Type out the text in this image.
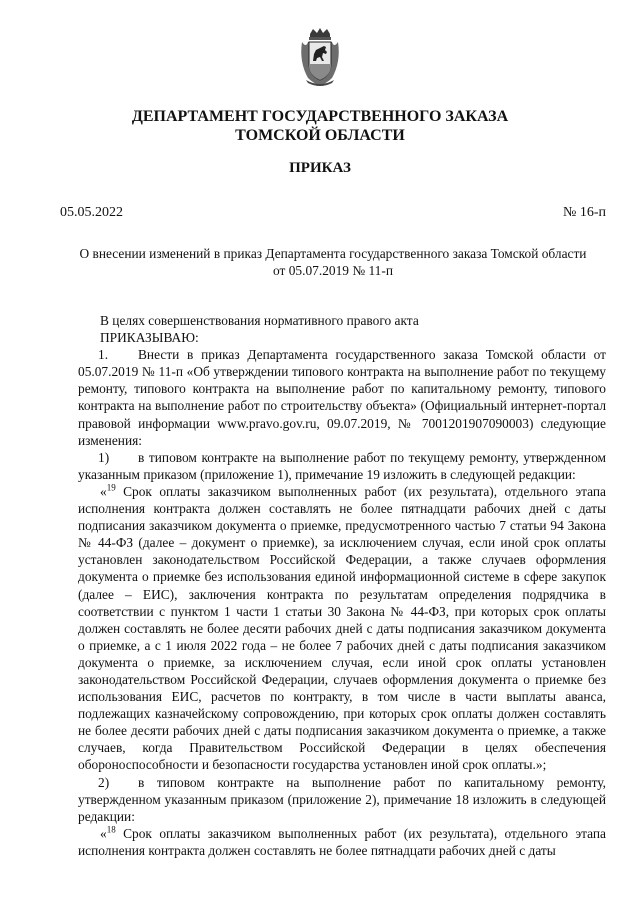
ДЕПАРТАМЕНТ ГОСУДАРСТВЕННОГО ЗАКАЗА
ТОМСКОЙ ОБЛАСТИ
ПРИКАЗ
05.05.2022	№ 16-п
О внесении изменений в приказ Департамента государственного заказа Томской области
от 05.07.2019 № 11-п

В целях совершенствования нормативного правого акта

ПРИКАЗЫВАЮ:

1. Внести в приказ Департамента государственного заказа Томской области от 05.07.2019 № 11-п «Об утверждении типового контракта на выполнение работ по текущему ремонту, типового контракта на выполнение работ по капитальному ремонту, типового контракта на выполнение работ по строительству объекта» (Официальный интернет-портал правовой информации www.pravo.gov.ru, 09.07.2019, № 7001201907090003) следующие изменения:

1) в типовом контракте на выполнение работ по текущему ремонту, утвержденном указанным приказом (приложение 1), примечание 19 изложить в следующей редакции:

«$^{19}$ Срок оплаты заказчиком выполненных работ (их результата), отдельного этапа исполнения контракта должен составлять не более пятнадцати рабочих дней с даты подписания заказчиком документа о приемке, предусмотренного частью 7 статьи 94 Закона № 44-ФЗ (далее – документ о приемке), за исключением случая, если иной срок оплаты установлен законодательством Российской Федерации, а также случаев оформления документа о приемке без использования единой информационной системе в сфере закупок (далее – ЕИС), заключения контракта по результатам определения подрядчика в соответствии с пунктом 1 части 1 статьи 30 Закона № 44-ФЗ, при которых срок оплаты должен составлять не более десяти рабочих дней с даты подписания заказчиком документа о приемке, а с 1 июля 2022 года – не более 7 рабочих дней с даты подписания заказчиком документа о приемке, за исключением случая, если иной срок оплаты установлен законодательством Российской Федерации, случаев оформления документа о приемке без использования ЕИС, расчетов по контракту, в том числе в части выплаты аванса, подлежащих казначейскому сопровождению, при которых срок оплаты должен составлять не более десяти рабочих дней с даты подписания заказчиком документа о приемке, а также случаев, когда Правительством Российской Федерации в целях обеспечения обороноспособности и безопасности государства установлен иной срок оплаты.»;

2) в типовом контракте на выполнение работ по капитальному ремонту, утвержденном указанным приказом (приложение 2), примечание 18 изложить в следующей редакции:

«$^{18}$ Срок оплаты заказчиком выполненных работ (их результата), отдельного этапа исполнения контракта должен составлять не более пятнадцати рабочих дней с даты
